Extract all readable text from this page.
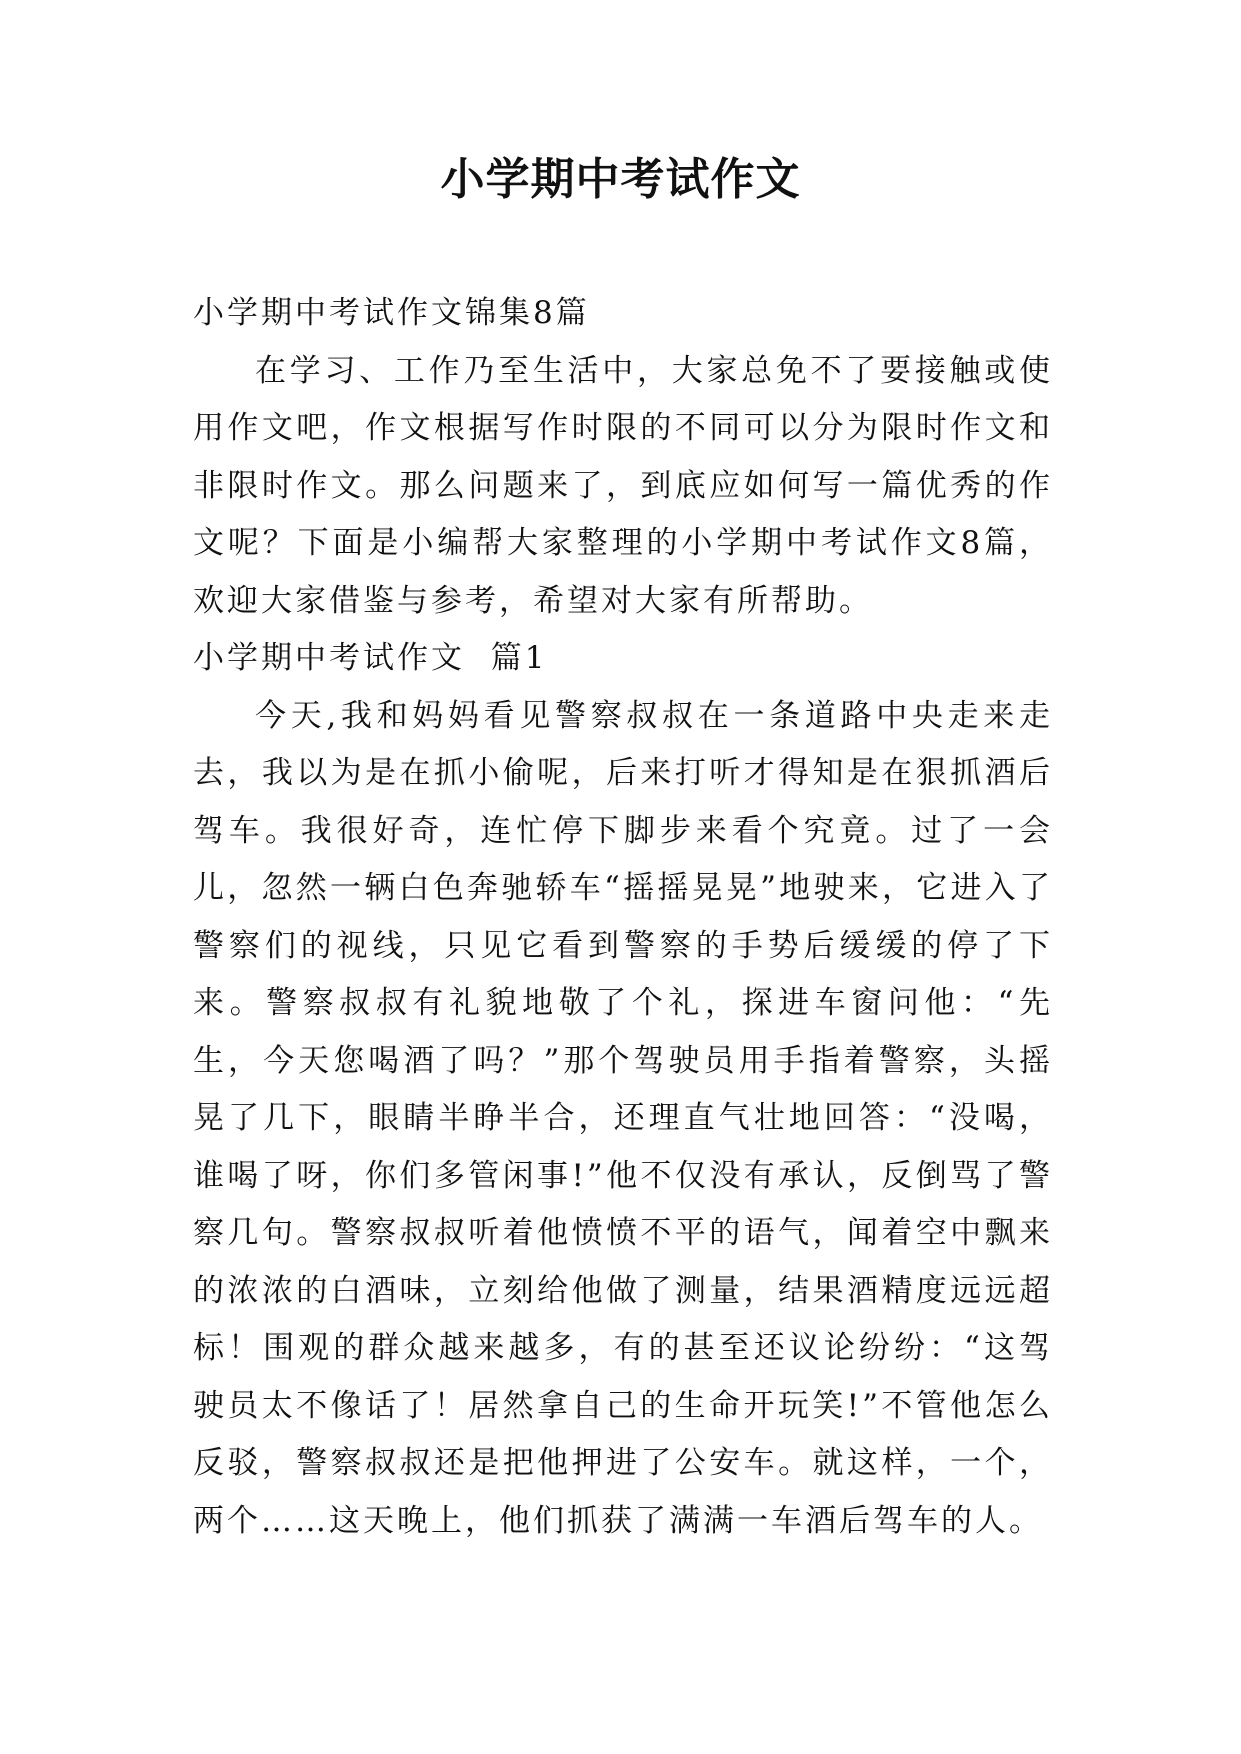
小学期中考试作文

小学期中考试作文锦集8篇

在学习、工作乃至生活中，大家总免不了要接触或使用作文吧，作文根据写作时限的不同可以分为限时作文和非限时作文。那么问题来了，到底应如何写一篇优秀的作文呢？下面是小编帮大家整理的小学期中考试作文8篇，欢迎大家借鉴与参考，希望对大家有所帮助。

小学期中考试作文  篇1

今天,我和妈妈看见警察叔叔在一条道路中央走来走去，我以为是在抓小偷呢，后来打听才得知是在狠抓酒后驾车。我很好奇，连忙停下脚步来看个究竟。过了一会儿，忽然一辆白色奔驰轿车“摇摇晃晃”地驶来，它进入了警察们的视线，只见它看到警察的手势后缓缓的停了下来。警察叔叔有礼貌地敬了个礼，探进车窗问他：“先生，今天您喝酒了吗？”那个驾驶员用手指着警察，头摇晃了几下，眼睛半睁半合，还理直气壮地回答：“没喝，谁喝了呀，你们多管闲事!”他不仅没有承认，反倒骂了警察几句。警察叔叔听着他愤愤不平的语气，闻着空中飘来的浓浓的白酒味，立刻给他做了测量，结果酒精度远远超标！围观的群众越来越多，有的甚至还议论纷纷：“这驾驶员太不像话了！居然拿自己的生命开玩笑!”不管他怎么反驳，警察叔叔还是把他押进了公安车。就这样，一个，两个……这天晚上，他们抓获了满满一车酒后驾车的人。
